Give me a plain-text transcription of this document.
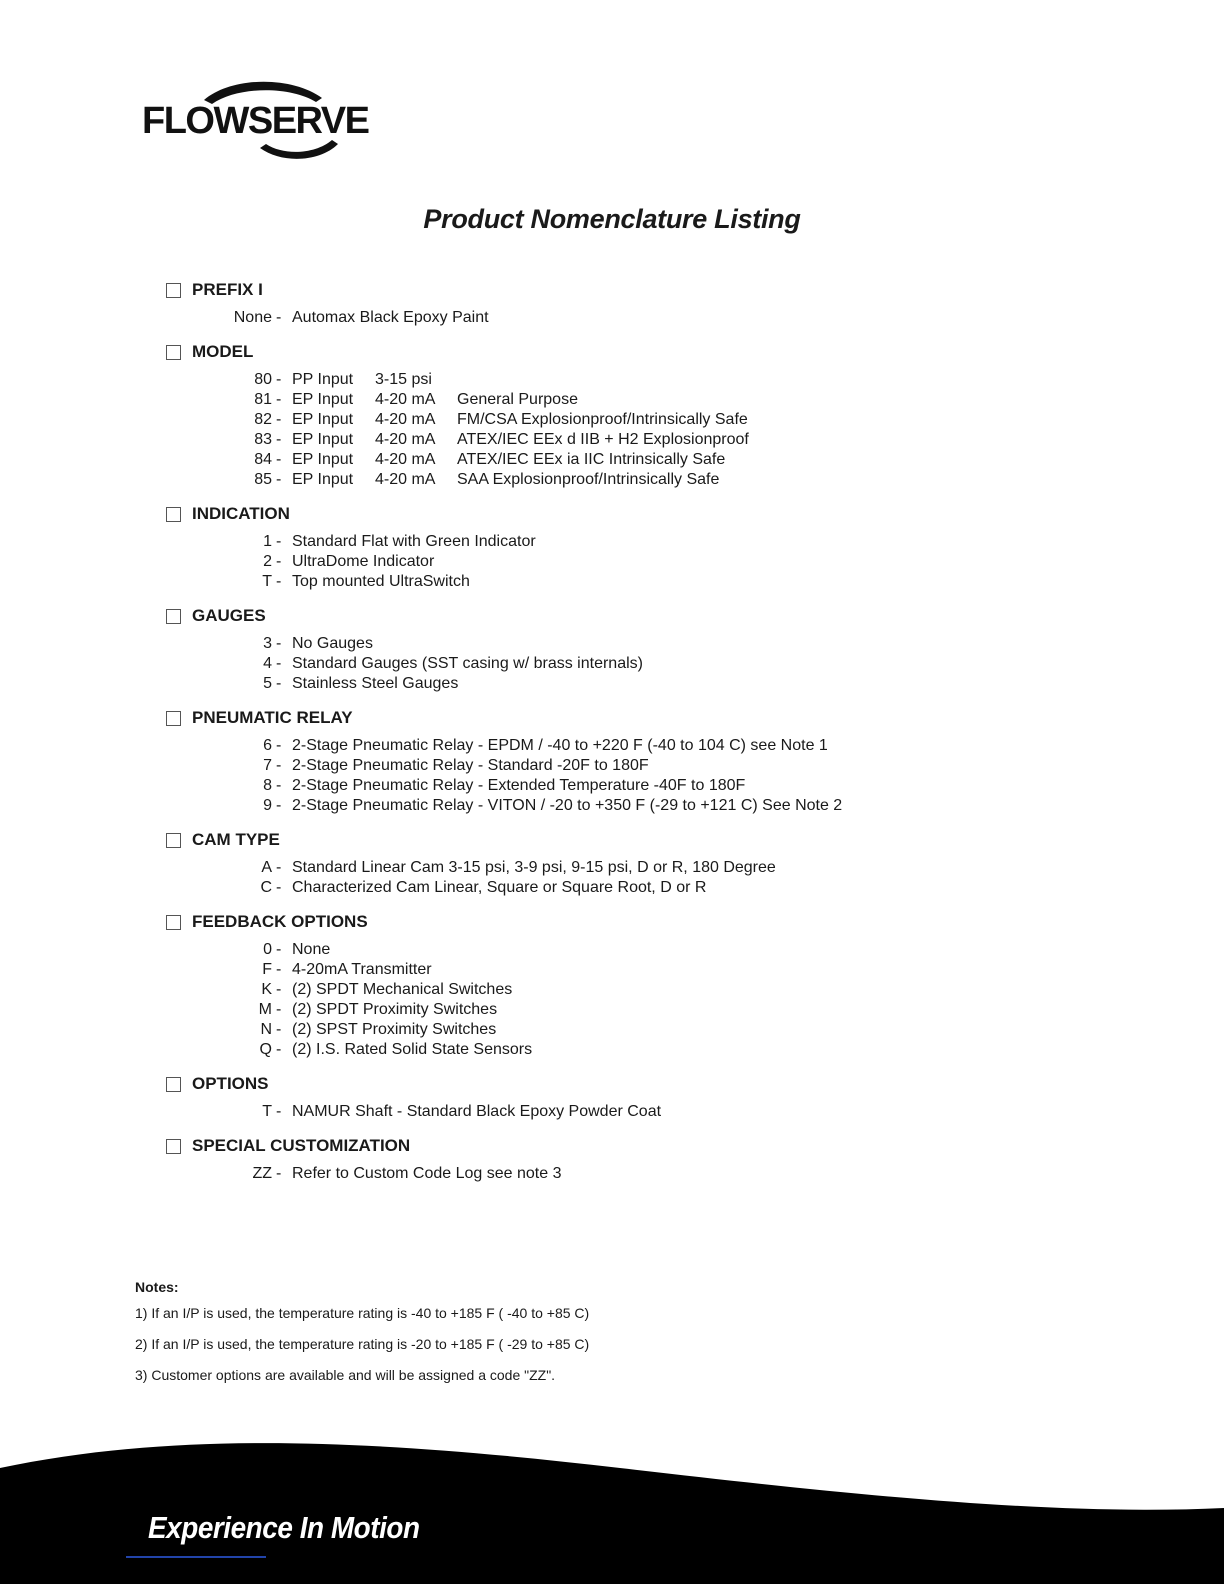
FLOWSERVE
Product Nomenclature Listing
PREFIX I
None - Automax Black Epoxy Paint
MODEL
80 - PP Input	3-15 psi
81 - EP Input	4-20 mA	General Purpose
82 - EP Input	4-20 mA	FM/CSA Explosionproof/Intrinsically Safe
83 - EP Input	4-20 mA	ATEX/IEC EEx d IIB + H2 Explosionproof
84 - EP Input	4-20 mA	ATEX/IEC EEx ia IIC Intrinsically Safe
85 - EP Input	4-20 mA	SAA Explosionproof/Intrinsically Safe
INDICATION
1 - Standard Flat with Green Indicator
2 - UltraDome Indicator
T - Top mounted UltraSwitch
GAUGES
3 - No Gauges
4 - Standard Gauges (SST casing w/ brass internals)
5 - Stainless Steel Gauges
PNEUMATIC RELAY
6 - 2-Stage Pneumatic Relay - EPDM / -40 to +220 F (-40 to 104 C) see Note 1
7 - 2-Stage Pneumatic Relay - Standard -20F to 180F
8 - 2-Stage Pneumatic Relay - Extended Temperature -40F to 180F
9 - 2-Stage Pneumatic Relay - VITON / -20 to +350 F (-29 to +121 C) See Note 2
CAM TYPE
A - Standard Linear Cam 3-15 psi, 3-9 psi, 9-15 psi, D or R, 180 Degree
C - Characterized Cam Linear, Square or Square Root, D or R
FEEDBACK OPTIONS
0 - None
F - 4-20mA Transmitter
K - (2) SPDT Mechanical Switches
M - (2) SPDT Proximity Switches
N - (2) SPST Proximity Switches
Q - (2) I.S. Rated Solid State Sensors
OPTIONS
T - NAMUR Shaft - Standard Black Epoxy Powder Coat
SPECIAL CUSTOMIZATION
ZZ - Refer to Custom Code Log see note 3
Notes:
1) If an I/P is used, the temperature rating is -40 to +185 F ( -40 to +85 C)
2) If an I/P is used, the temperature rating is -20 to +185 F ( -29 to +85 C)
3) Customer options are available and will be assigned a code "ZZ".
Experience In Motion
